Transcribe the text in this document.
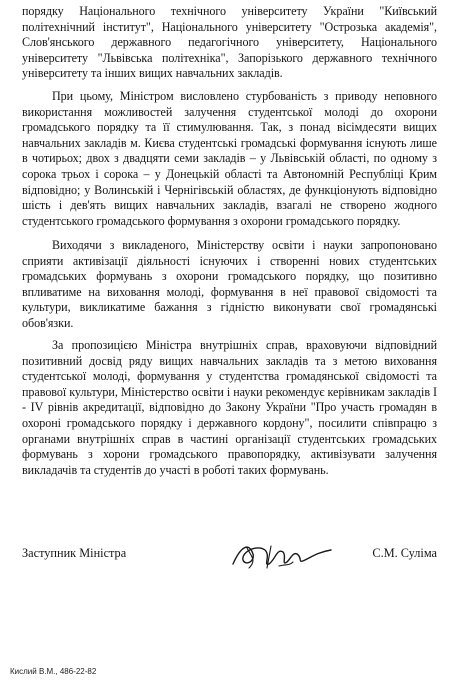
порядку Національного технічного університету України "Київський політехнічний інститут", Національного університету "Острозька академія", Слов'янського державного педагогічного університету, Національного університету "Львівська політехніка", Запорізького державного технічного університету та інших вищих навчальних закладів.

При цьому, Міністром висловлено стурбованість з приводу неповного використання можливостей залучення студентської молоді до охорони громадського порядку та її стимулювання. Так, з понад вісімдесяти вищих навчальних закладів м. Києва студентські громадські формування існують лише в чотирьох; двох з двадцяти семи закладів – у Львівській області, по одному з сорока трьох і сорока – у Донецькій області та Автономній Республіці Крим відповідно; у Волинській і Чернігівській областях, де функціонують відповідно шість і дев'ять вищих навчальних закладів, взагалі не створено жодного студентського громадського формування з охорони громадського порядку.

Виходячи з викладеного, Міністерству освіти і науки запропоновано сприяти активізації діяльності існуючих і створенні нових студентських громадських формувань з охорони громадського порядку, що позитивно впливатиме на виховання молоді, формування в неї правової свідомості та культури, викликатиме бажання з гідністю виконувати свої громадянські обов'язки.

За пропозицією Міністра внутрішніх справ, враховуючи відповідний позитивний досвід ряду вищих навчальних закладів та з метою виховання студентської молоді, формування у студентства громадянської свідомості та правової культури, Міністерство освіти і науки рекомендує керівникам закладів І - ІV рівнів акредитації, відповідно до Закону України "Про участь громадян в охороні громадського порядку і державного кордону", посилити співпрацю з органами внутрішніх справ в частині організації студентських громадських формувань з хорони громадського правопорядку, активізувати залучення викладачів та студентів до участі в роботі таких формувань.

Заступник Міністра	С.М. Суліма
Кислий В.М., 486-22-82
